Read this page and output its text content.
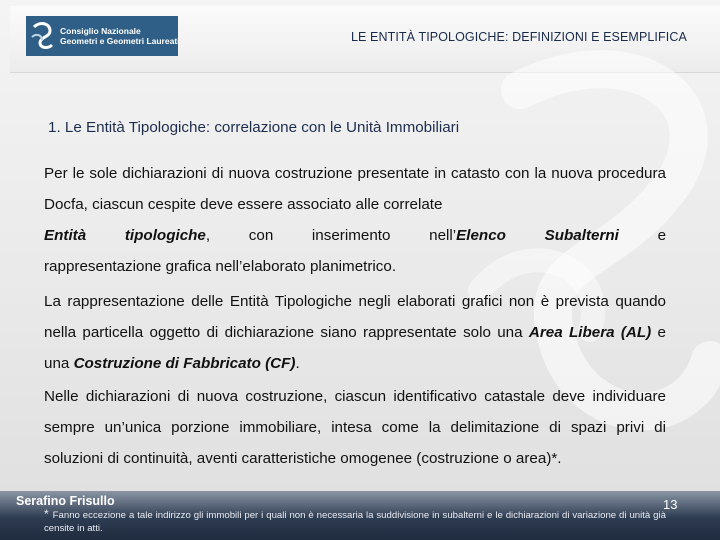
Consiglio Nazionale
Geometri e Geometri Laureati	LE ENTITÀ TIPOLOGICHE: DEFINIZIONI E ESEMPLIFICA
1. Le Entità Tipologiche: correlazione con le Unità Immobiliari
Per le sole dichiarazioni di nuova costruzione presentate in catasto con la nuova procedura Docfa, ciascun cespite deve essere associato alle correlate
Entità tipologiche, con inserimento nell’Elenco Subalterni e
rappresentazione grafica nell’elaborato planimetrico.
La rappresentazione delle Entità Tipologiche negli elaborati grafici non è prevista quando nella particella oggetto di dichiarazione siano rappresentate solo una Area Libera (AL) e una Costruzione di Fabbricato (CF).
Nelle dichiarazioni di nuova costruzione, ciascun identificativo catastale deve individuare sempre un’unica porzione immobiliare, intesa come la delimitazione di spazi privi di soluzioni di continuità, aventi caratteristiche omogenee (costruzione o area)*.
Serafino Frisullo	13
* Fanno eccezione a tale indirizzo gli immobili per i quali non è necessaria la suddivisione in subalterni e le dichiarazioni di variazione di unità già censite in atti.
